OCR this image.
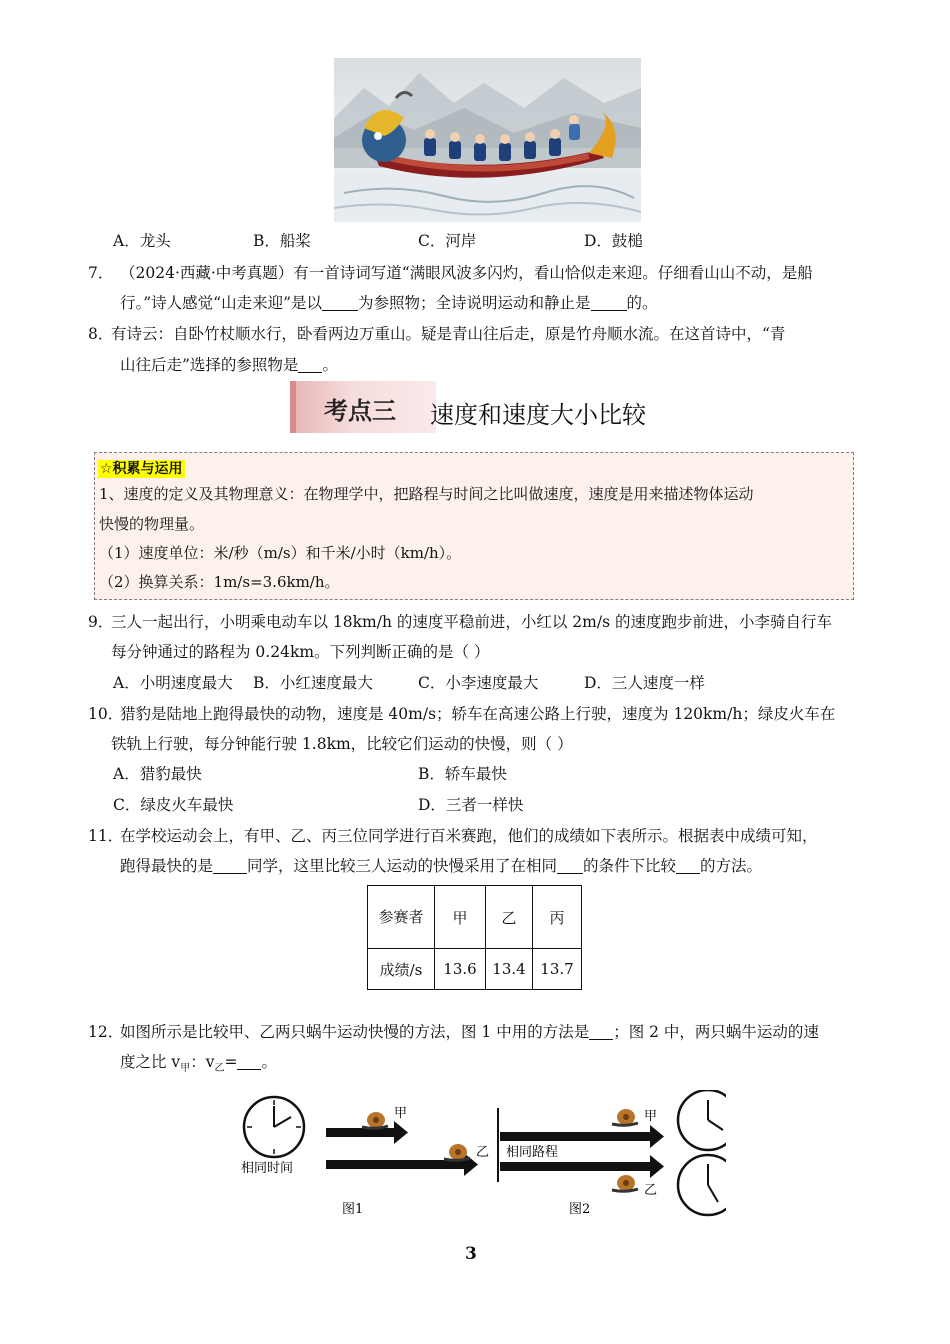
A．龙头	B．船桨	C．河岸	D．鼓槌
7． （2024·西藏·中考真题）有一首诗词写道“满眼风波多闪灼，看山恰似走来迎。仔细看山山不动，是船
行。”诗人感觉“山走来迎”是以 为参照物；全诗说明运动和静止是 的。
8．
有诗云：自卧竹杖顺水行，卧看两边万重山。疑是青山往后走，原是竹舟顺水流。在这首诗中，“青
山往后走”选择的参照物是 。
考点三 速度和速度大小比较
☆积累与运用
1、速度的定义及其物理意义：在物理学中，把路程与时间之比叫做速度，速度是用来描述物体运动
快慢的物理量。
（1）速度单位：米/秒（m/s）和千米/小时（km/h）。
（2）换算关系：1m/s=3.6km/h。
9．
三人一起出行，小明乘电动车以 18km/h 的速度平稳前进，小红以 2m/s 的速度跑步前进，小李骑自行车
每分钟通过的路程为 0.24km。下列判断正确的是（ ）
A．小明速度最大 B．小红速度最大	C．小李速度最大	D．三人速度一样
10．
猎豹是陆地上跑得最快的动物，速度是 40m/s；轿车在高速公路上行驶，速度为 120km/h；绿皮火车在
铁轨上行驶，每分钟能行驶 1.8km，比较它们运动的快慢，则（ ）
A．猎豹最快	B．轿车最快
C．绿皮火车最快	D．三者一样快
11．
在学校运动会上，有甲、乙、丙三位同学进行百米赛跑，他们的成绩如下表所示。根据表中成绩可知，
跑得最快的是 同学，这里比较三人运动的快慢采用了在相同 的条件下比较 的方法。
参赛者	甲	乙	丙
成绩/s	13.6	13.4	13.7
12．
如图所示是比较甲、乙两只蜗牛运动快慢的方法，图 1 中用的方法是 ；图 2 中，两只蜗牛运动的速
度之比 $v_甲$：$v_乙=$ 。
相同时间
甲
乙 相同路程
甲
乙
图1	图2
3
